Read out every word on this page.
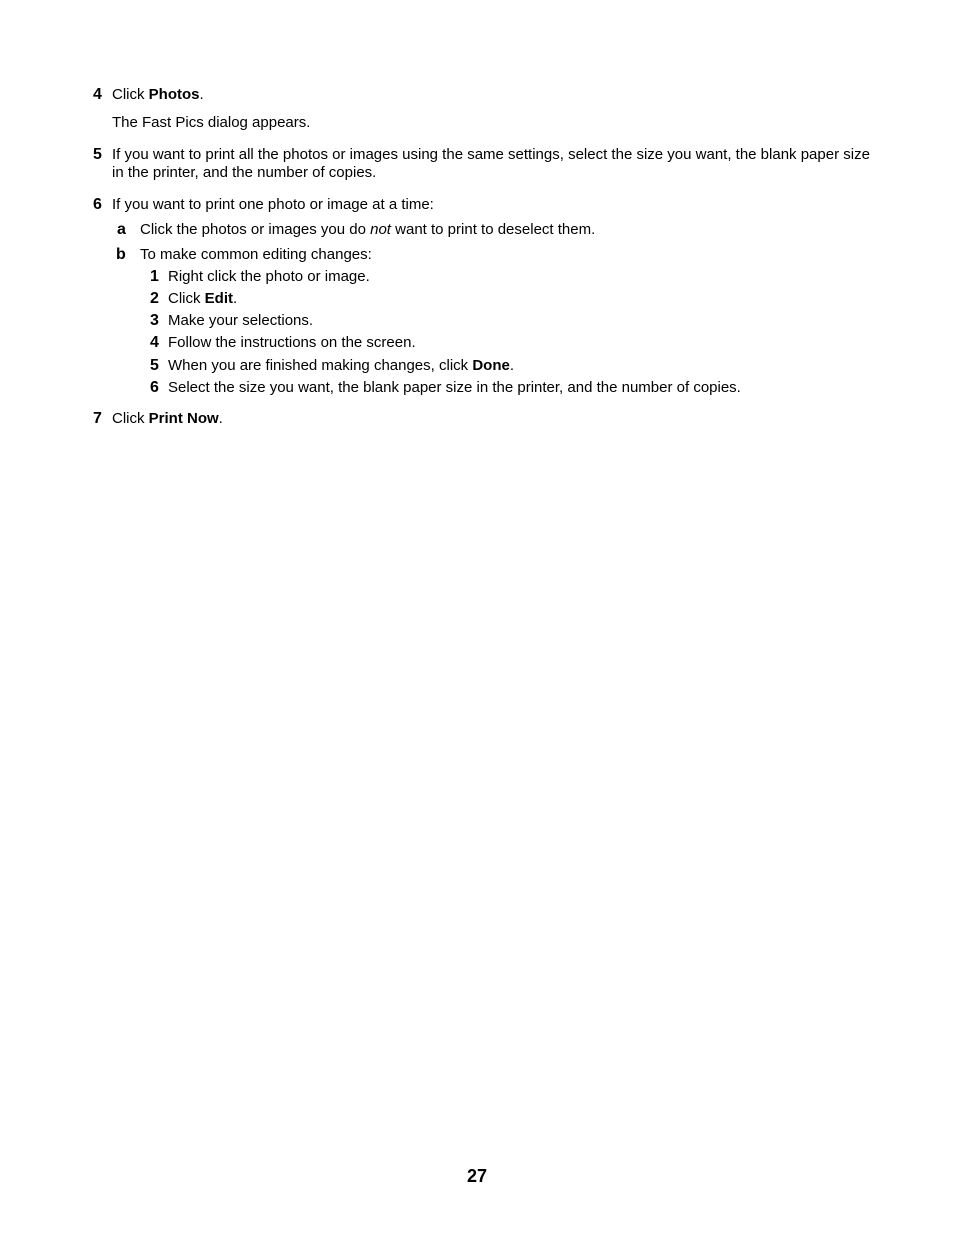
4 Click Photos.
The Fast Pics dialog appears.
5 If you want to print all the photos or images using the same settings, select the size you want, the blank paper size in the printer, and the number of copies.
6 If you want to print one photo or image at a time:
a Click the photos or images you do not want to print to deselect them.
b To make common editing changes:
1 Right click the photo or image.
2 Click Edit.
3 Make your selections.
4 Follow the instructions on the screen.
5 When you are finished making changes, click Done.
6 Select the size you want, the blank paper size in the printer, and the number of copies.
7 Click Print Now.
27
